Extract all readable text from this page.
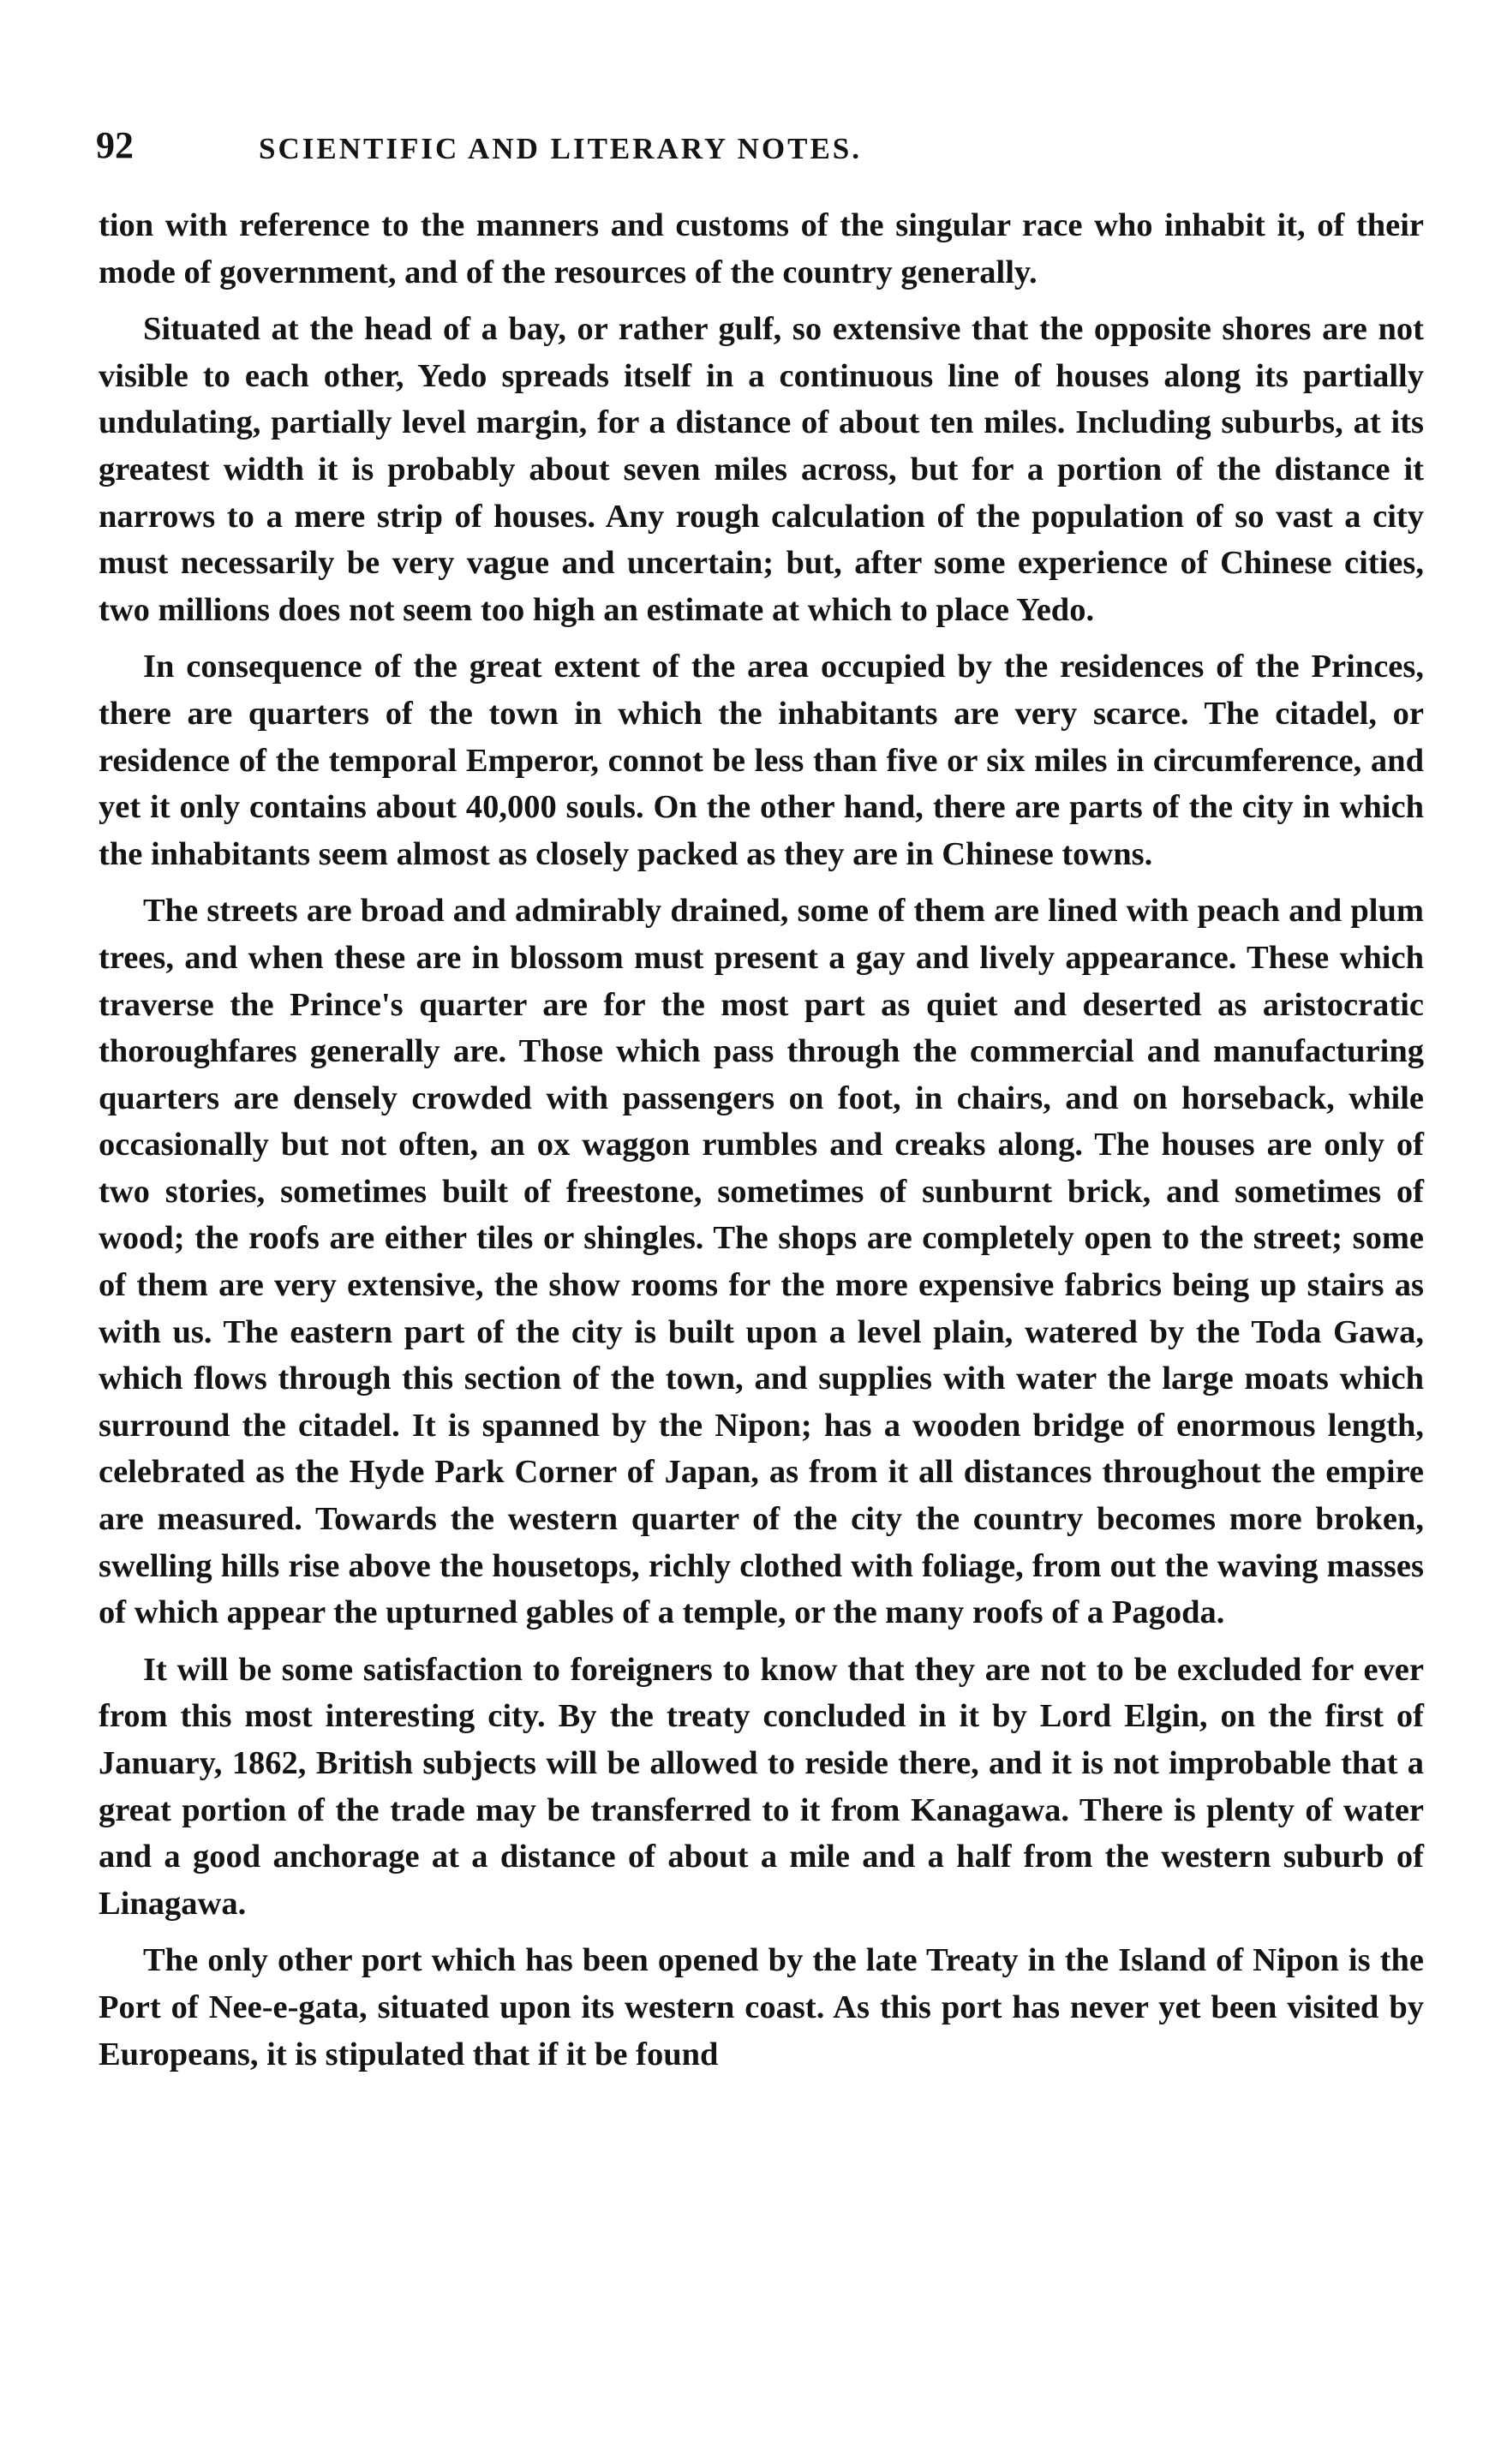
92	SCIENTIFIC AND LITERARY NOTES.

tion with reference to the manners and customs of the singular race who inhabit it, of their mode of government, and of the resources of the country generally.

Situated at the head of a bay, or rather gulf, so extensive that the opposite shores are not visible to each other, Yedo spreads itself in a continuous line of houses along its partially undulating, partially level margin, for a distance of about ten miles. Including suburbs, at its greatest width it is probably about seven miles across, but for a portion of the distance it narrows to a mere strip of houses. Any rough calculation of the population of so vast a city must necessarily be very vague and uncertain; but, after some experience of Chinese cities, two millions does not seem too high an estimate at which to place Yedo.

In consequence of the great extent of the area occupied by the residences of the Princes, there are quarters of the town in which the inhabitants are very scarce. The citadel, or residence of the temporal Emperor, connot be less than five or six miles in circumference, and yet it only contains about 40,000 souls. On the other hand, there are parts of the city in which the inhabitants seem almost as closely packed as they are in Chinese towns.

The streets are broad and admirably drained, some of them are lined with peach and plum trees, and when these are in blossom must present a gay and lively appearance. These which traverse the Prince's quarter are for the most part as quiet and deserted as aristocratic thoroughfares generally are. Those which pass through the commercial and manufacturing quarters are densely crowded with passengers on foot, in chairs, and on horseback, while occasionally but not often, an ox waggon rumbles and creaks along. The houses are only of two stories, sometimes built of freestone, sometimes of sunburnt brick, and sometimes of wood; the roofs are either tiles or shingles. The shops are completely open to the street; some of them are very extensive, the show rooms for the more expensive fabrics being up stairs as with us. The eastern part of the city is built upon a level plain, watered by the Toda Gawa, which flows through this section of the town, and supplies with water the large moats which surround the citadel. It is spanned by the Nipon; has a wooden bridge of enormous length, celebrated as the Hyde Park Corner of Japan, as from it all distances throughout the empire are measured. Towards the western quarter of the city the country becomes more broken, swelling hills rise above the housetops, richly clothed with foliage, from out the waving masses of which appear the upturned gables of a temple, or the many roofs of a Pagoda.

It will be some satisfaction to foreigners to know that they are not to be excluded for ever from this most interesting city. By the treaty concluded in it by Lord Elgin, on the first of January, 1862, British subjects will be allowed to reside there, and it is not improbable that a great portion of the trade may be transferred to it from Kanagawa. There is plenty of water and a good anchorage at a distance of about a mile and a half from the western suburb of Linagawa.

The only other port which has been opened by the late Treaty in the Island of Nipon is the Port of Nee-e-gata, situated upon its western coast. As this port has never yet been visited by Europeans, it is stipulated that if it be found
